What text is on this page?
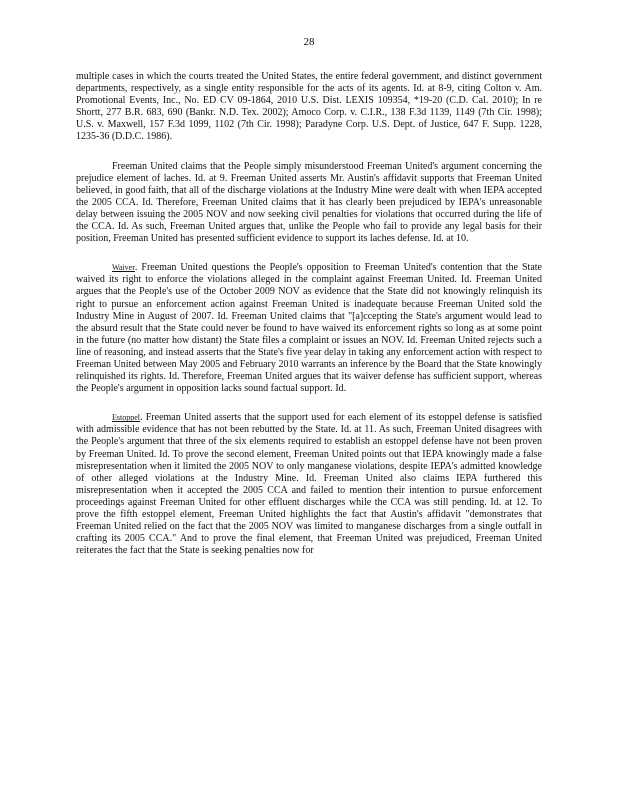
28

multiple cases in which the courts treated the United States, the entire federal government, and distinct government departments, respectively, as a single entity responsible for the acts of its agents. Id. at 8-9, citing Colton v. Am. Promotional Events, Inc., No. ED CV 09-1864, 2010 U.S. Dist. LEXIS 109354, *19-20 (C.D. Cal. 2010); In re Shortt, 277 B.R. 683, 690 (Bankr. N.D. Tex. 2002); Amoco Corp. v. C.I.R., 138 F.3d 1139, 1149 (7th Cir. 1998); U.S. v. Maxwell, 157 F.3d 1099, 1102 (7th Cir. 1998); Paradyne Corp. U.S. Dept. of Justice, 647 F. Supp. 1228, 1235-36 (D.D.C. 1986).

Freeman United claims that the People simply misunderstood Freeman United's argument concerning the prejudice element of laches. Id. at 9. Freeman United asserts Mr. Austin's affidavit supports that Freeman United believed, in good faith, that all of the discharge violations at the Industry Mine were dealt with when IEPA accepted the 2005 CCA. Id. Therefore, Freeman United claims that it has clearly been prejudiced by IEPA's unreasonable delay between issuing the 2005 NOV and now seeking civil penalties for violations that occurred during the life of the CCA. Id. As such, Freeman United argues that, unlike the People who fail to provide any legal basis for their position, Freeman United has presented sufficient evidence to support its laches defense. Id. at 10.

Waiver. Freeman United questions the People's opposition to Freeman United's contention that the State waived its right to enforce the violations alleged in the complaint against Freeman United. Id. Freeman United argues that the People's use of the October 2009 NOV as evidence that the State did not knowingly relinquish its right to pursue an enforcement action against Freeman United is inadequate because Freeman United sold the Industry Mine in August of 2007. Id. Freeman United claims that "[a]ccepting the State's argument would lead to the absurd result that the State could never be found to have waived its enforcement rights so long as at some point in the future (no matter how distant) the State files a complaint or issues an NOV. Id. Freeman United rejects such a line of reasoning, and instead asserts that the State's five year delay in taking any enforcement action with respect to Freeman United between May 2005 and February 2010 warrants an inference by the Board that the State knowingly relinquished its rights. Id. Therefore, Freeman United argues that its waiver defense has sufficient support, whereas the People's argument in opposition lacks sound factual support. Id.

Estoppel. Freeman United asserts that the support used for each element of its estoppel defense is satisfied with admissible evidence that has not been rebutted by the State. Id. at 11. As such, Freeman United disagrees with the People's argument that three of the six elements required to establish an estoppel defense have not been proven by Freeman United. Id. To prove the second element, Freeman United points out that IEPA knowingly made a false misrepresentation when it limited the 2005 NOV to only manganese violations, despite IEPA's admitted knowledge of other alleged violations at the Industry Mine. Id. Freeman United also claims IEPA furthered this misrepresentation when it accepted the 2005 CCA and failed to mention their intention to pursue enforcement proceedings against Freeman United for other effluent discharges while the CCA was still pending. Id. at 12. To prove the fifth estoppel element, Freeman United highlights the fact that Austin's affidavit "demonstrates that Freeman United relied on the fact that the 2005 NOV was limited to manganese discharges from a single outfall in crafting its 2005 CCA." And to prove the final element, that Freeman United was prejudiced, Freeman United reiterates the fact that the State is seeking penalties now for
